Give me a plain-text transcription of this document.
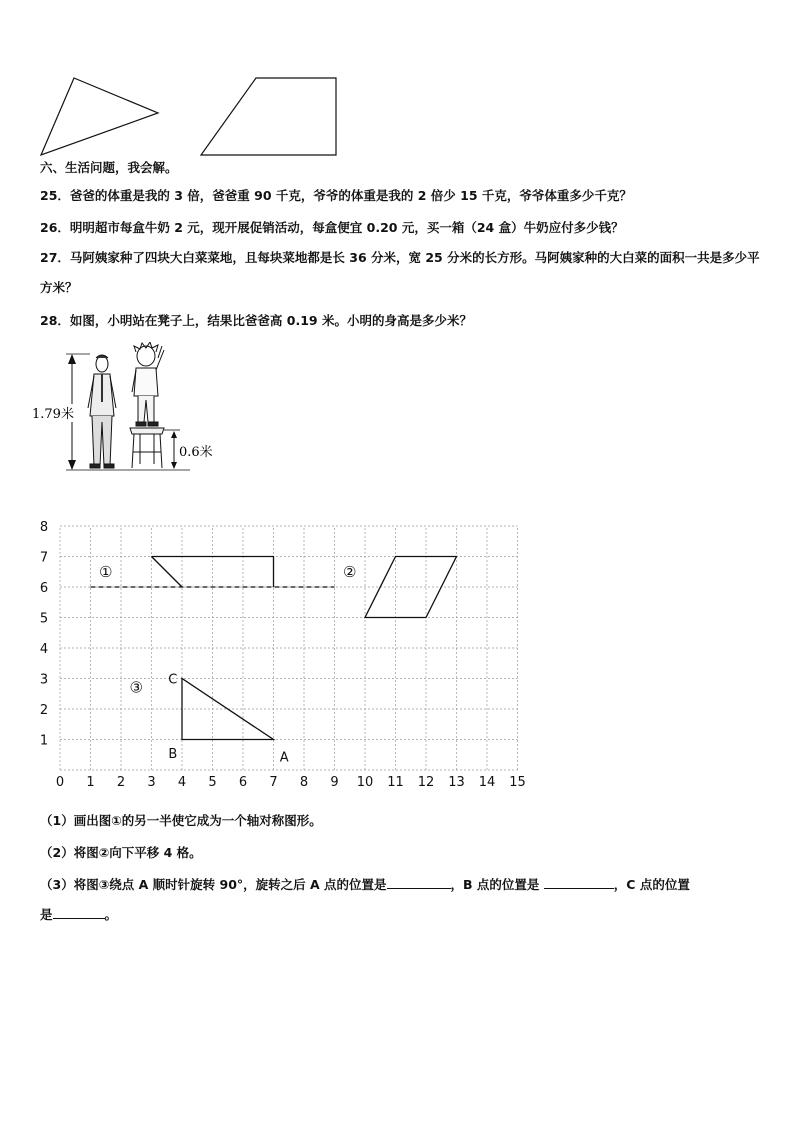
六、生活问题，我会解。
25．爸爸的体重是我的 3 倍，爸爸重 90 千克，爷爷的体重是我的 2 倍少 15 千克，爷爷体重多少千克？
26．明明超市每盒牛奶 2 元，现开展促销活动，每盒便宜 0.20 元，买一箱（24 盒）牛奶应付多少钱？
27．马阿姨家种了四块大白菜菜地，且每块菜地都是长 36 分米，宽 25 分米的长方形。马阿姨家种的大白菜的面积一共是多少平方米？
28．如图，小明站在凳子上，结果比爸爸高 0.19 米。小明的身高是多少米？
1.79米
0.6米
0 1 2 3 4 5 6 7 8 9 10 11 12 13 14 15
1
2
3
4
5
6
7
8
①	②
③ C
B	A
（1）画出图①的另一半使它成为一个轴对称图形。
（2）将图②向下平移 4 格。
（3）将图③绕点 A 顺时针旋转 90°，旋转之后 A 点的位置是	，B 点的位置是	，C 点的位置
是	。
